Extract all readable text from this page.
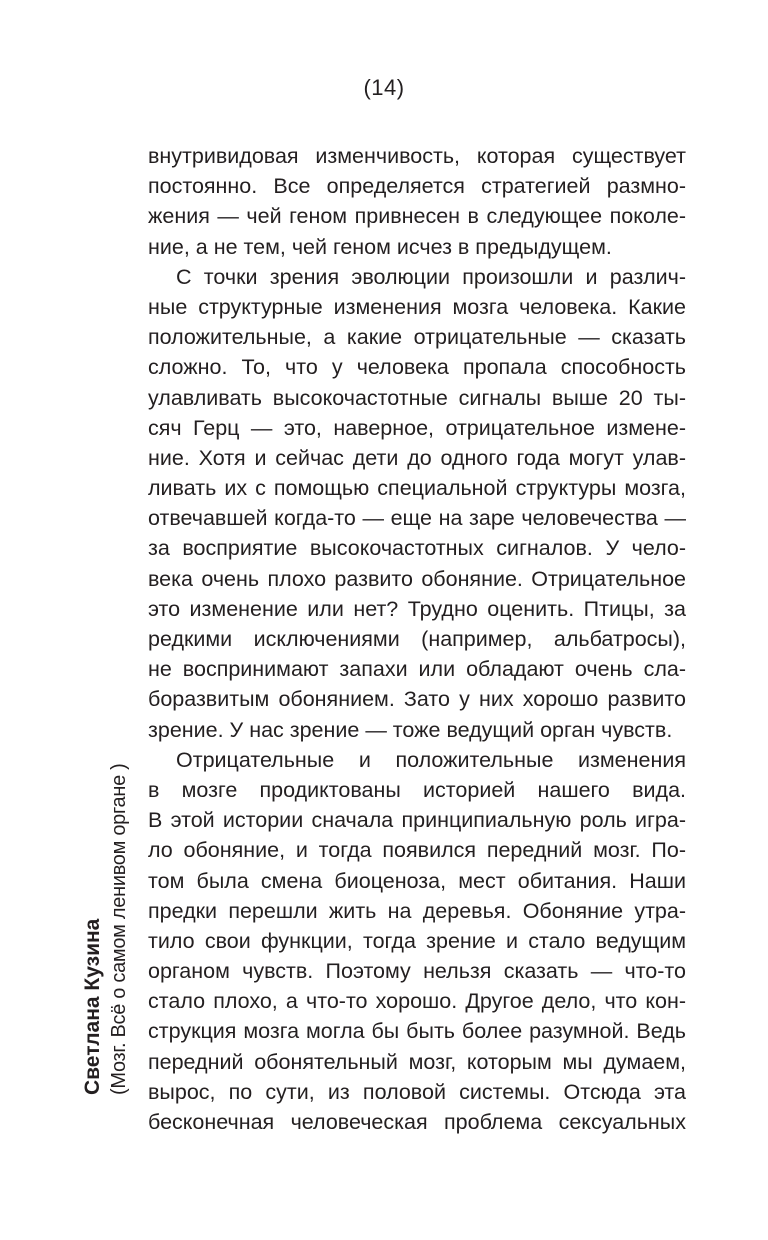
(14)
внутривидовая изменчивость, которая существует
постоянно. Все определяется стратегией размно-
жения — чей геном привнесен в следующее поколе-
ние, а не тем, чей геном исчез в предыдущем.
С точки зрения эволюции произошли и различ-
ные структурные изменения мозга человека. Какие
положительные, а какие отрицательные — сказать
сложно. То, что у человека пропала способность
улавливать высокочастотные сигналы выше 20 ты-
сяч Герц — это, наверное, отрицательное измене-
ние. Хотя и сейчас дети до одного года могут улав-
ливать их с помощью специальной структуры мозга,
отвечавшей когда-то — еще на заре человечества —
за восприятие высокочастотных сигналов. У чело-
века очень плохо развито обоняние. Отрицательное
это изменение или нет? Трудно оценить. Птицы, за
редкими исключениями (например, альбатросы),
не воспринимают запахи или обладают очень сла-
боразвитым обонянием. Зато у них хорошо развито
зрение. У нас зрение — тоже ведущий орган чувств.
Отрицательные и положительные изменения
в мозге продиктованы историей нашего вида.
В этой истории сначала принципиальную роль игра-
ло обоняние, и тогда появился передний мозг. По-
том была смена биоценоза, мест обитания. Наши
предки перешли жить на деревья. Обоняние утра-
тило свои функции, тогда зрение и стало ведущим
органом чувств. Поэтому нельзя сказать — что-то
стало плохо, а что-то хорошо. Другое дело, что кон-
струкция мозга могла бы быть более разумной. Ведь
передний обонятельный мозг, которым мы думаем,
вырос, по сути, из половой системы. Отсюда эта
бесконечная человеческая проблема сексуальных
Светлана Кузина (Мозг. Всё о самом ленивом органе )
